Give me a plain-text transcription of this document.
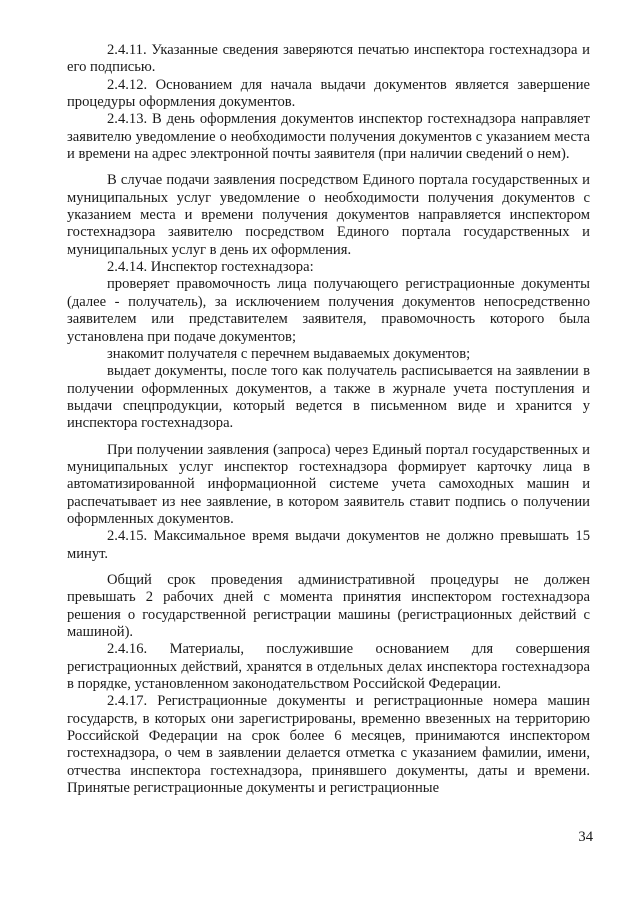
2.4.11. Указанные сведения заверяются печатью инспектора гостехнадзора и его подписью.

2.4.12. Основанием для начала выдачи документов является завершение процедуры оформления документов.

2.4.13. В день оформления документов инспектор гостехнадзора направляет заявителю уведомление о необходимости получения документов с указанием места и времени на адрес электронной почты заявителя (при наличии сведений о нем).

В случае подачи заявления посредством Единого портала государственных и муниципальных услуг уведомление о необходимости получения документов с указанием места и времени получения документов направляется инспектором гостехнадзора заявителю посредством Единого портала государственных и муниципальных услуг в день их оформления.

2.4.14. Инспектор гостехнадзора:

проверяет правомочность лица получающего регистрационные документы (далее - получатель), за исключением получения документов непосредственно заявителем или представителем заявителя, правомочность которого была установлена при подаче документов;

знакомит получателя с перечнем выдаваемых документов;

выдает документы, после того как получатель расписывается на заявлении в получении оформленных документов, а также в журнале учета поступления и выдачи спецпродукции, который ведется в письменном виде и хранится у инспектора гостехнадзора.

При получении заявления (запроса) через Единый портал государственных и муниципальных услуг инспектор гостехнадзора формирует карточку лица в автоматизированной информационной системе учета самоходных машин и распечатывает из нее заявление, в котором заявитель ставит подпись о получении оформленных документов.

2.4.15. Максимальное время выдачи документов не должно превышать 15 минут.

Общий срок проведения административной процедуры не должен превышать 2 рабочих дней с момента принятия инспектором гостехнадзора решения о государственной регистрации машины (регистрационных действий с машиной).

2.4.16. Материалы, послужившие основанием для совершения регистрационных действий, хранятся в отдельных делах инспектора гостехнадзора в порядке, установленном законодательством Российской Федерации.

2.4.17. Регистрационные документы и регистрационные номера машин государств, в которых они зарегистрированы, временно ввезенных на территорию Российской Федерации на срок более 6 месяцев, принимаются инспектором гостехнадзора, о чем в заявлении делается отметка с указанием фамилии, имени, отчества инспектора гостехнадзора, принявшего документы, даты и времени. Принятые регистрационные документы и регистрационные

34
